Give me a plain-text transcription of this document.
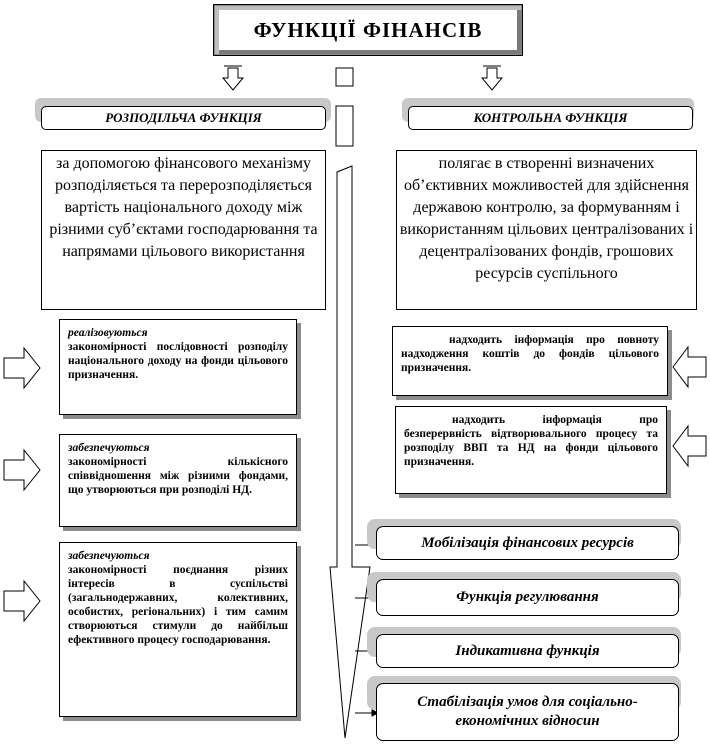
ФУНКЦІЇ ФІНАНСІВ
РОЗПОДІЛЬЧА ФУНКЦІЯ	КОНТРОЛЬНА ФУНКЦІЯ
за допомогою фінансового механізму розподіляється та перерозподіляється вартість національного доходу між різними суб’єктами господарювання та напрямами цільового використання
полягає в створенні визначених об’єктивних можливостей для здійснення державою контролю, за формуванням і використанням цільових централізованих і децентралізованих фондів, грошових ресурсів суспільного
реалізовуються
закономірності послідовності розподілу національного доходу на фонди цільового призначення.
забезпечуються
закономірності кількісного співвідношення між різними фондами, що утворюються при розподілі НД.
забезпечуються
закономірності поєднання різних інтересів в суспільстві (загальнодержавних, колективних, особистих, регіональних) і тим самим створюються стимули до найбільш ефективного процесу господарювання.
надходить інформація про повноту надходження коштів до фондів цільового призначення.
надходить інформація про безперервність відтворювального процесу та розподілу ВВП та НД на фонди цільового призначення.
Мобілізація фінансових ресурсів
Функція регулювання
Індикативна функція
Стабілізація умов для соціально-економічних відносин
